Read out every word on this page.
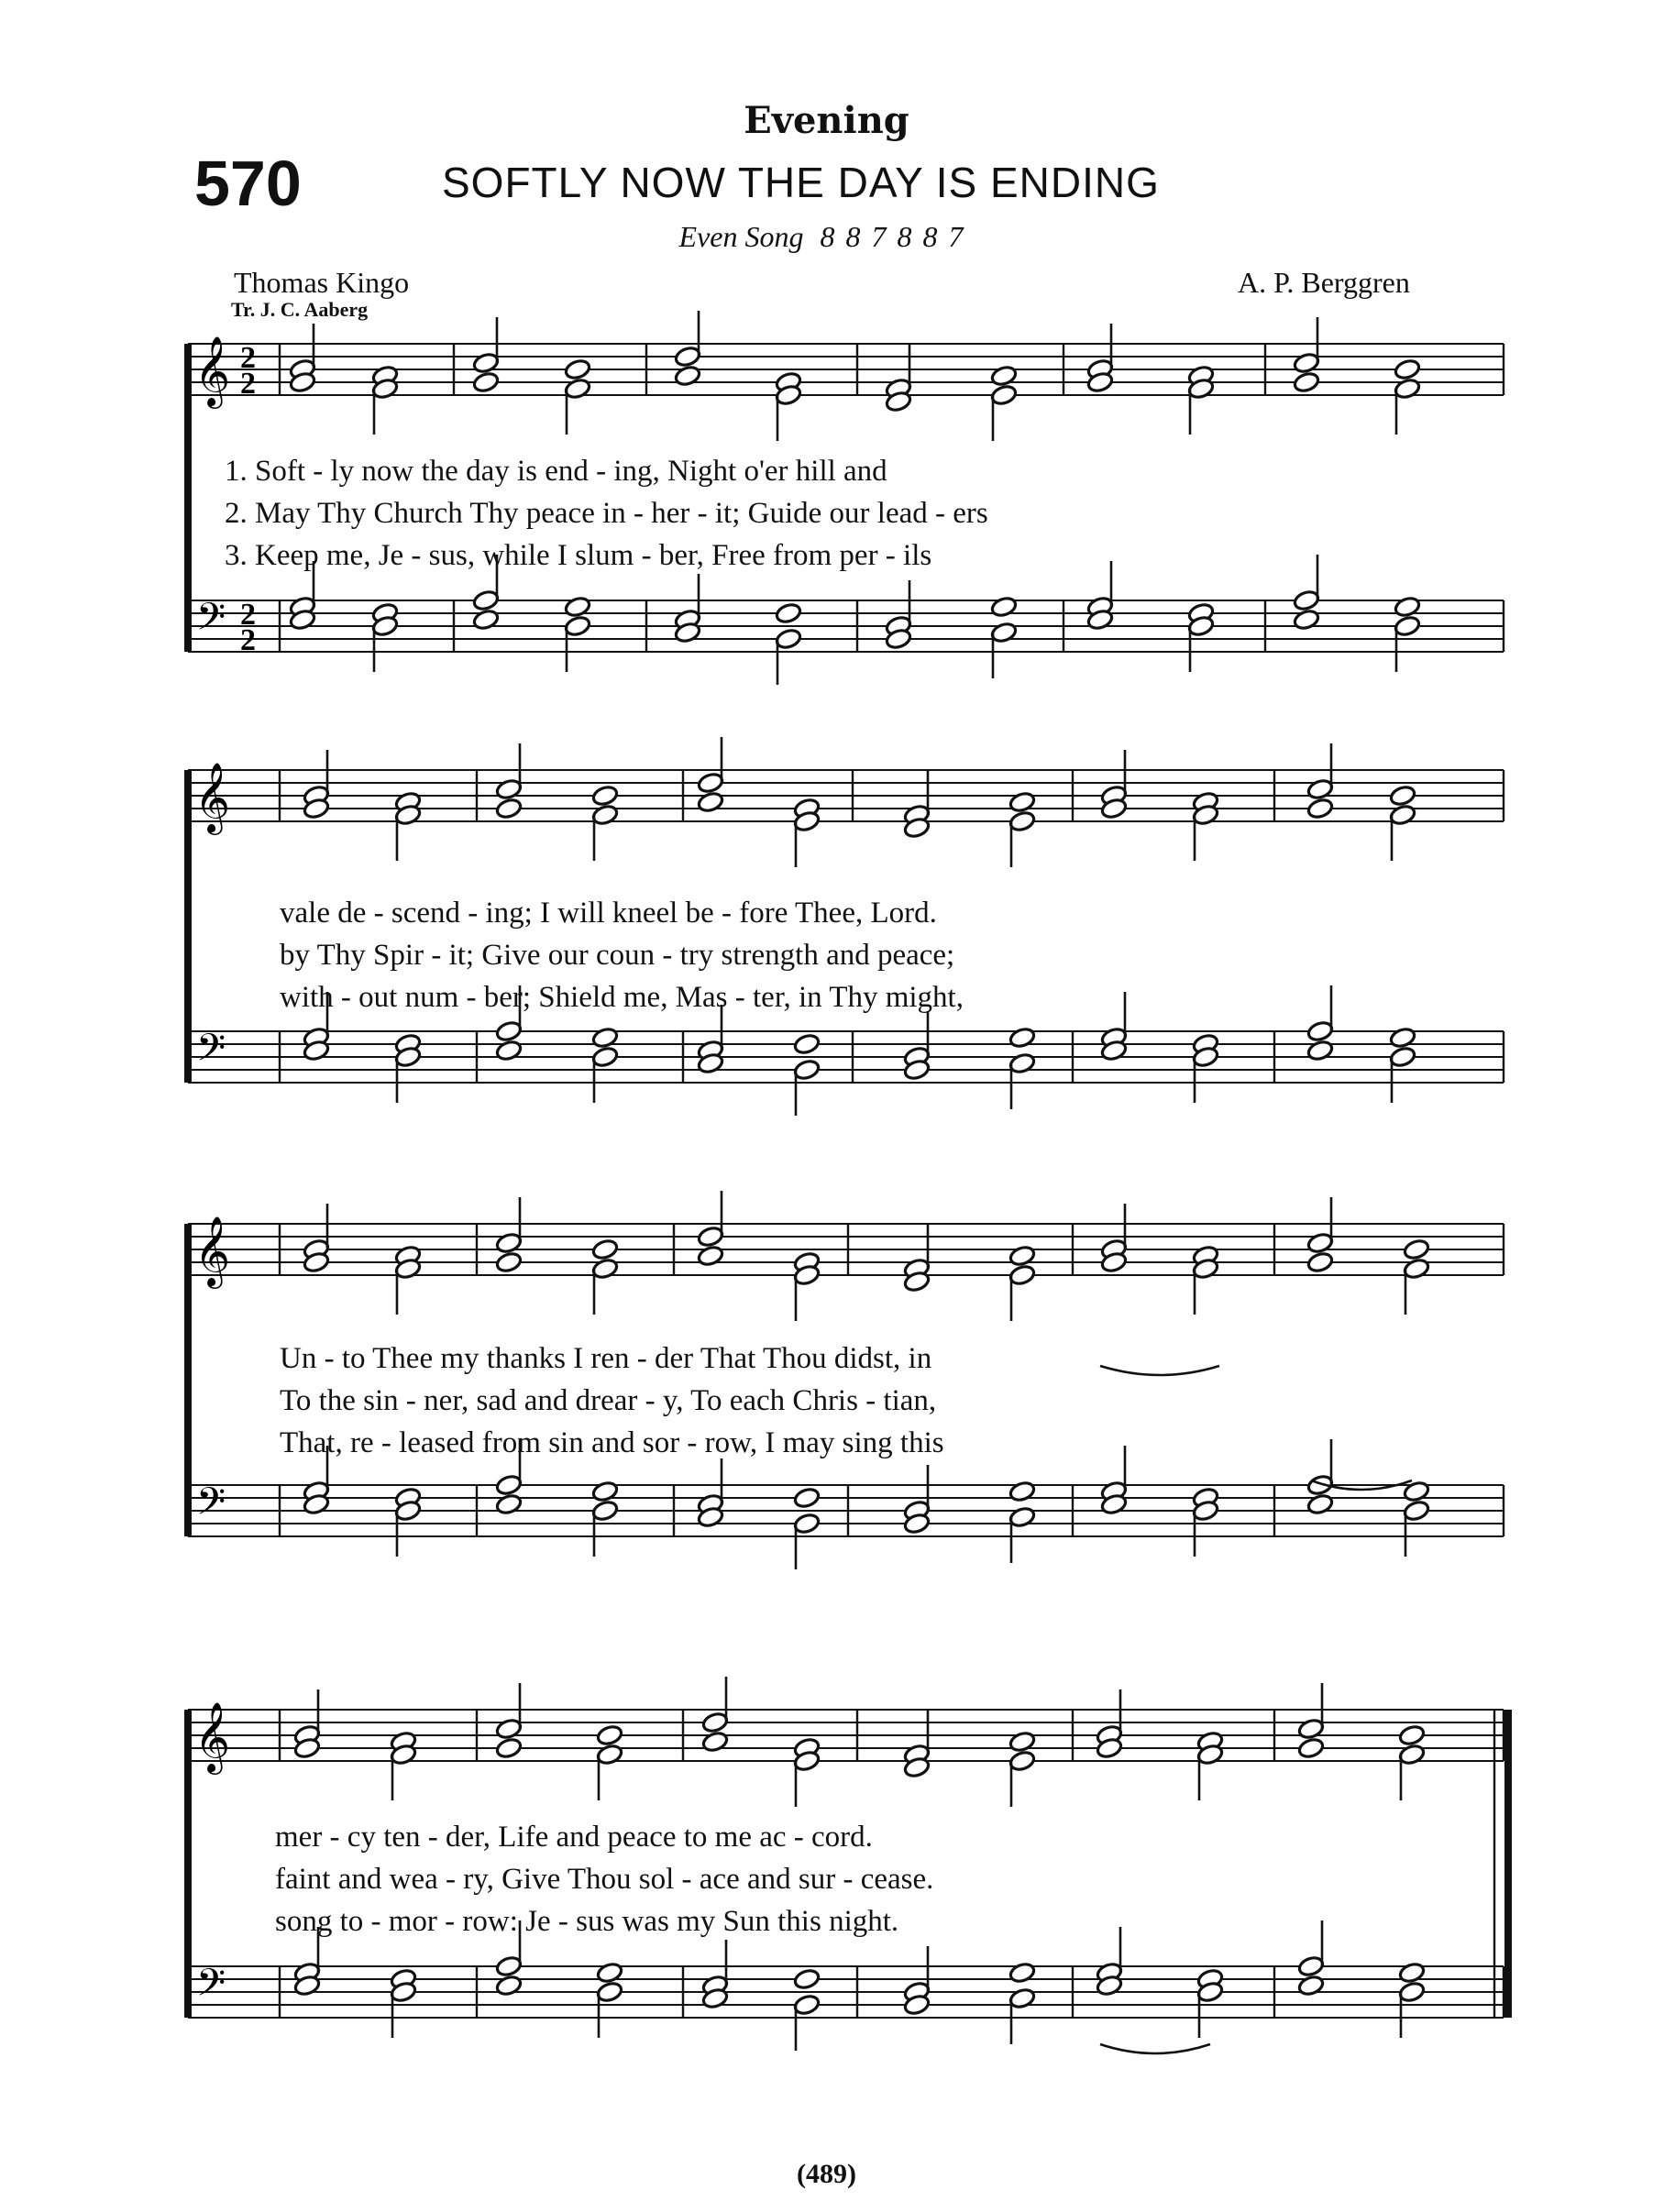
Evening
570	SOFTLY NOW THE DAY IS ENDING
Even Song 887887
Thomas Kingo
Tr. J. C. Aaberg
A. P. Berggren
𝄞
𝄢
2
2
2
2
𝄞
𝄢
𝄞
𝄢
𝄞
𝄢
1. Soft - ly now the day is end - ing, Night o'er hill and
2. May Thy Church Thy peace in - her - it; Guide our lead - ers
3. Keep me, Je - sus, while I slum - ber, Free from per - ils
vale de - scend - ing; I will kneel be - fore Thee, Lord.
by Thy Spir - it; Give our coun - try strength and peace;
with - out num - ber; Shield me, Mas - ter, in Thy might,
Un - to Thee my thanks I ren - der That Thou didst, in
To the sin - ner, sad and drear - y, To each Chris - tian,
That, re - leased from sin and sor - row, I may sing this
mer - cy ten - der, Life and peace to me ac - cord.
faint and wea - ry, Give Thou sol - ace and sur - cease.
song to - mor - row: Je - sus was my Sun this night.
(489)
